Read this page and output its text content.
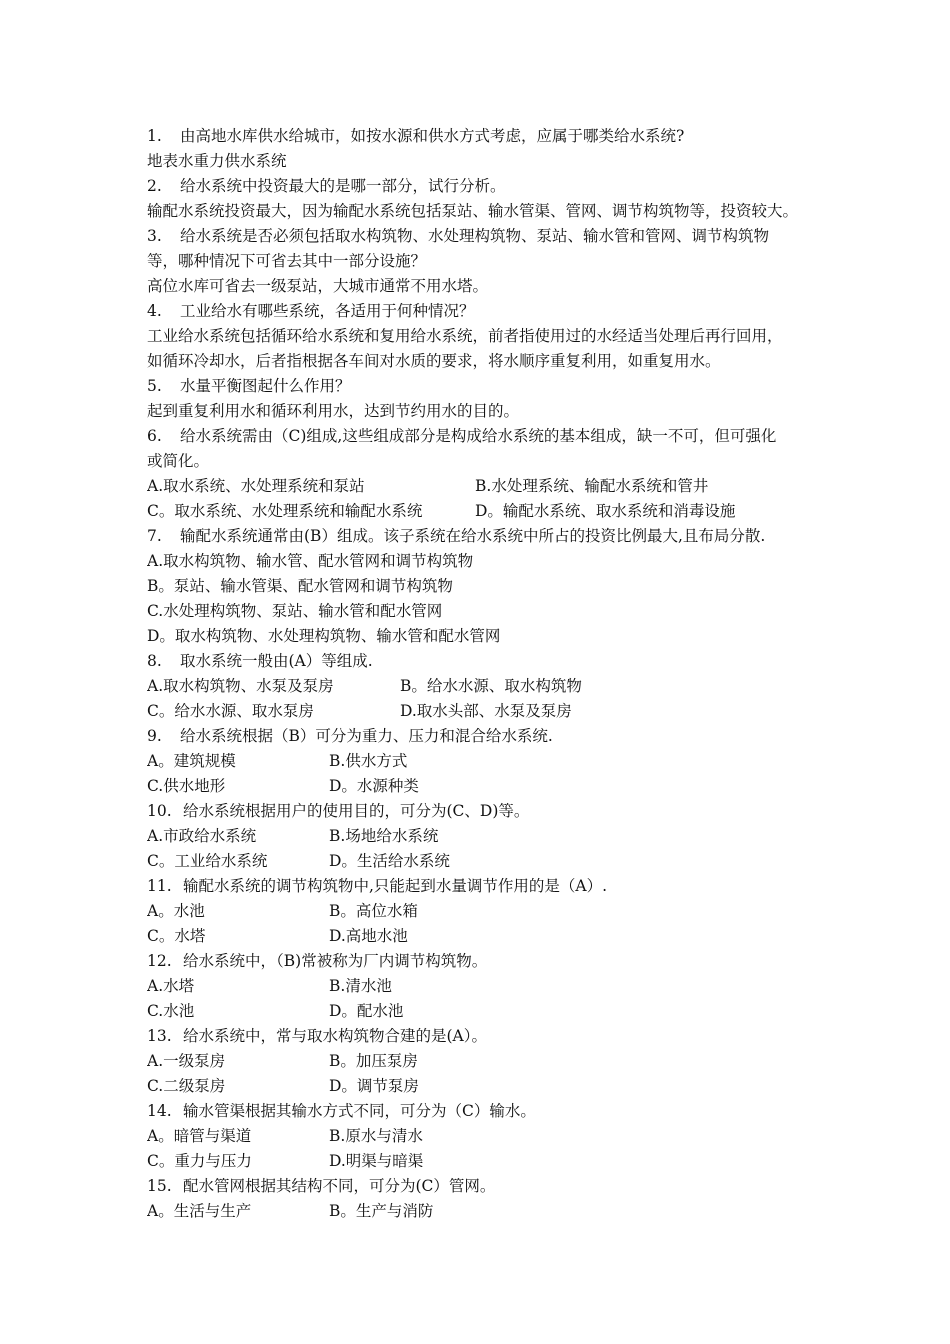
1. 由高地水库供水给城市，如按水源和供水方式考虑，应属于哪类给水系统?
地表水重力供水系统
2. 给水系统中投资最大的是哪一部分，试行分析。
输配水系统投资最大，因为输配水系统包括泵站、输水管渠、管网、调节构筑物等，投资较大。
3. 给水系统是否必须包括取水构筑物、水处理构筑物、泵站、输水管和管网、调节构筑物
等，哪种情况下可省去其中一部分设施？
高位水库可省去一级泵站，大城市通常不用水塔。
4. 工业给水有哪些系统，各适用于何种情况？
工业给水系统包括循环给水系统和复用给水系统，前者指使用过的水经适当处理后再行回用，
如循环冷却水，后者指根据各车间对水质的要求，将水顺序重复利用，如重复用水。
5. 水量平衡图起什么作用？
起到重复利用水和循环利用水，达到节约用水的目的。
6. 给水系统需由（C)组成,这些组成部分是构成给水系统的基本组成，缺一不可，但可强化
或简化。
A.取水系统、水处理系统和泵站	B.水处理系统、输配水系统和管井
C。取水系统、水处理系统和输配水系统	D。输配水系统、取水系统和消毒设施
7. 输配水系统通常由(B）组成。该子系统在给水系统中所占的投资比例最大,且布局分散.
A.取水构筑物、输水管、配水管网和调节构筑物
B。泵站、输水管渠、配水管网和调节构筑物
C.水处理构筑物、泵站、输水管和配水管网
D。取水构筑物、水处理构筑物、输水管和配水管网
8. 取水系统一般由(A）等组成.
A.取水构筑物、水泵及泵房	B。给水水源、取水构筑物
C。给水水源、取水泵房	D.取水头部、水泵及泵房
9. 给水系统根据（B）可分为重力、压力和混合给水系统.
A。建筑规模	B.供水方式
C.供水地形	D。水源种类
10. 给水系统根据用户的使用目的，可分为(C、D)等。
A.市政给水系统	B.场地给水系统
C。工业给水系统	D。生活给水系统
11. 输配水系统的调节构筑物中,只能起到水量调节作用的是（A）.
A。水池	B。高位水箱
C。水塔	D.高地水池
12. 给水系统中，（B)常被称为厂内调节构筑物。
A.水塔	B.清水池
C.水池	D。配水池
13. 给水系统中，常与取水构筑物合建的是(A）。
A.一级泵房	B。加压泵房
C.二级泵房	D。调节泵房
14. 输水管渠根据其输水方式不同，可分为（C）输水。
A。暗管与渠道	B.原水与清水
C。重力与压力	D.明渠与暗渠
15. 配水管网根据其结构不同，可分为(C）管网。
A。生活与生产	B。生产与消防
